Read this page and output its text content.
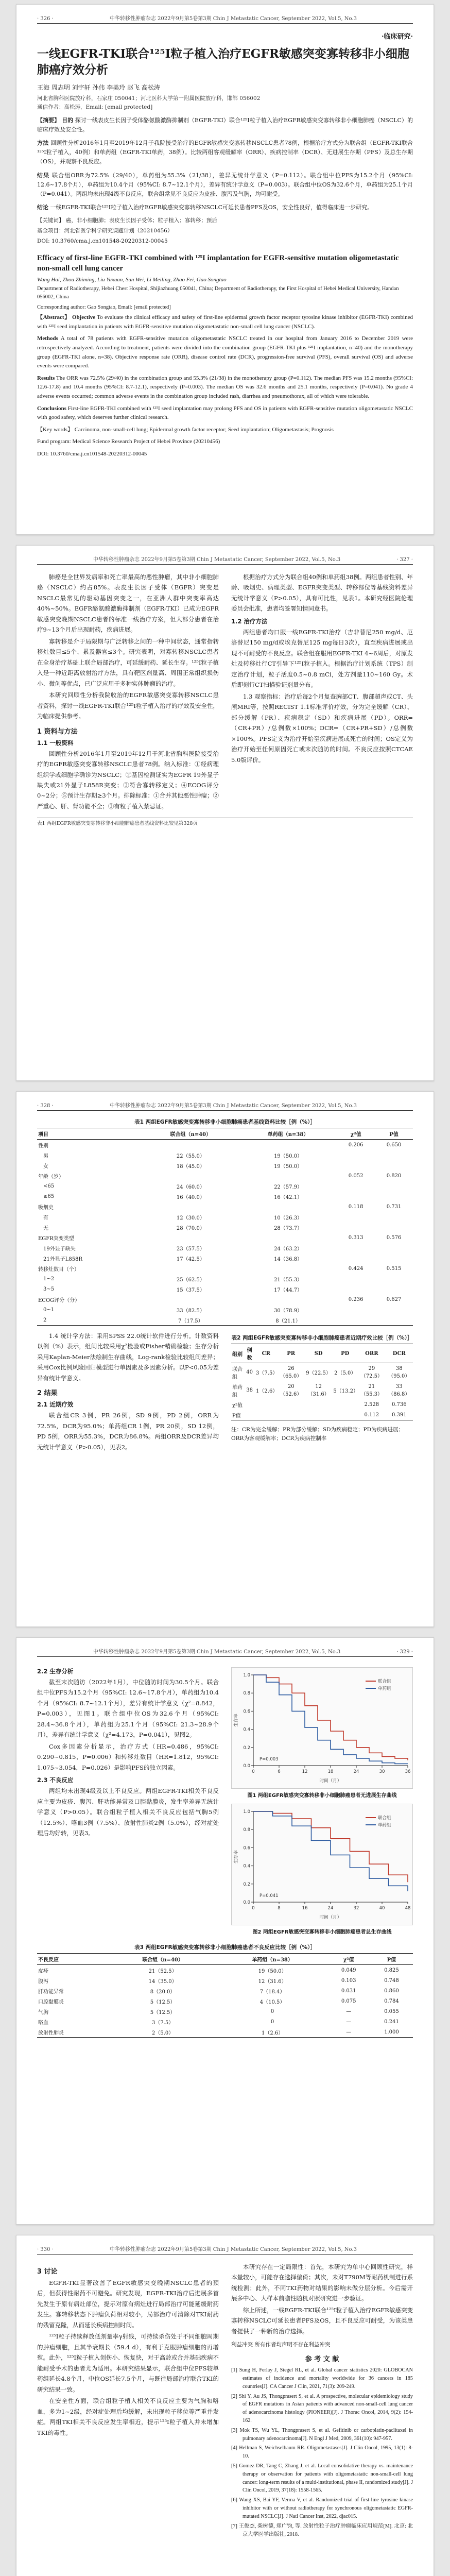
· 326 ·	中华转移性肿瘤杂志 2022年9月第5卷第3期 Chin J Metastatic Cancer, September 2022, Vol.5, No.3
·临床研究·
一线EGFR-TKI联合¹²⁵I粒子植入治疗EGFR敏感突变寡转移非小细胞肺癌疗效分析
王海 周志明 刘宇轩 孙伟 李美玲 赵飞 高松涛
河北省胸科医院放疗科，石家庄 050041；河北医科大学第一附属医院放疗科，邯郸 056002
通信作者：高松涛，Email: [email protected]

【摘要】 目的 探讨一线表皮生长因子受体酪氨酸激酶抑制剂（EGFR-TKI）联合¹²⁵I粒子植入治疗EGFR敏感突变寡转移非小细胞肺癌（NSCLC）的临床疗效及安全性。

方法 回顾性分析2016年1月至2019年12月于我院接受治疗的EGFR敏感突变寡转移NSCLC患者78例，根据治疗方式分为联合组（EGFR-TKI联合¹²⁵I粒子植入，40例）和单药组（EGFR-TKI单药，38例）。比较两组客观缓解率（ORR）、疾病控制率（DCR）、无进展生存期（PFS）及总生存期（OS），并观察不良反应。

结果 联合组ORR为72.5%（29/40），单药组为55.3%（21/38），差异无统计学意义（P=0.112）。联合组中位PFS为15.2个月（95%CI: 12.6~17.8个月），单药组为10.4个月（95%CI: 8.7~12.1个月），差异有统计学意义（P=0.003）。联合组中位OS为32.6个月，单药组为25.1个月（P=0.041）。两组均未出现4级不良反应，联合组常见不良反应为皮疹、腹泻及气胸，均可耐受。

结论 一线EGFR-TKI联合¹²⁵I粒子植入治疗EGFR敏感突变寡转移NSCLC可延长患者PFS及OS，安全性良好，值得临床进一步研究。

【关键词】 癌，非小细胞肺；表皮生长因子受体；粒子植入；寡转移；预后
基金项目：河北省医学科学研究课题计划（20210456）
DOI: 10.3760/cma.j.cn101548-20220312-00045
Efficacy of first-line EGFR-TKI combined with ¹²⁵I implantation for EGFR-sensitive mutation oligometastatic non-small cell lung cancer
Wang Hai, Zhou Zhiming, Liu Yuxuan, Sun Wei, Li Meiling, Zhao Fei, Gao Songtao
Department of Radiotherapy, Hebei Chest Hospital, Shijiazhuang 050041, China; Department of Radiotherapy, the First Hospital of Hebei Medical University, Handan 056002, China
Corresponding author: Gao Songtao, Email: [email protected]

【Abstract】 Objective To evaluate the clinical efficacy and safety of first-line epidermal growth factor receptor tyrosine kinase inhibitor (EGFR-TKI) combined with ¹²⁵I seed implantation in patients with EGFR-sensitive mutation oligometastatic non-small cell lung cancer (NSCLC).

Methods A total of 78 patients with EGFR-sensitive mutation oligometastatic NSCLC treated in our hospital from January 2016 to December 2019 were retrospectively analyzed. According to treatment, patients were divided into the combination group (EGFR-TKI plus ¹²⁵I implantation, n=40) and the monotherapy group (EGFR-TKI alone, n=38). Objective response rate (ORR), disease control rate (DCR), progression-free survival (PFS), overall survival (OS) and adverse events were compared.

Results The ORR was 72.5% (29/40) in the combination group and 55.3% (21/38) in the monotherapy group (P=0.112). The median PFS was 15.2 months (95%CI: 12.6-17.8) and 10.4 months (95%CI: 8.7-12.1), respectively (P=0.003). The median OS was 32.6 months and 25.1 months, respectively (P=0.041). No grade 4 adverse events occurred; common adverse events in the combination group included rash, diarrhea and pneumothorax, all of which were tolerable.

Conclusions First-line EGFR-TKI combined with ¹²⁵I seed implantation may prolong PFS and OS in patients with EGFR-sensitive mutation oligometastatic NSCLC with good safety, which deserves further clinical research.

【Key words】 Carcinoma, non-small-cell lung; Epidermal growth factor receptor; Seed implantation; Oligometastasis; Prognosis
Fund program: Medical Science Research Project of Hebei Province (20210456)
DOI: 10.3760/cma.j.cn101548-20220312-00045
中华转移性肿瘤杂志 2022年9月第5卷第3期 Chin J Metastatic Cancer, September 2022, Vol.5, No.3	· 327 ·

肺癌是全世界发病率和死亡率最高的恶性肿瘤，其中非小细胞肺癌（NSCLC）约占85%。表皮生长因子受体（EGFR）突变是NSCLC最常见的驱动基因突变之一，在亚洲人群中突变率高达40%~50%。EGFR酪氨酸激酶抑制剂（EGFR-TKI）已成为EGFR敏感突变晚期NSCLC患者的标准一线治疗方案，但大部分患者在治疗9~13个月后出现耐药，疾病进展。

寡转移是介于局限期与广泛转移之间的一种中间状态，通常指转移灶数目≤5个、累及器官≤3个。研究表明，对寡转移NSCLC患者在全身治疗基础上联合局部治疗，可延缓耐药、延长生存。¹²⁵I粒子植入是一种近距离放射治疗方法，具有靶区剂量高、周围正常组织损伤小、微创等优点，已广泛应用于多种实体肿瘤的治疗。

本研究回顾性分析我院收治的EGFR敏感突变寡转移NSCLC患者资料，探讨一线EGFR-TKI联合¹²⁵I粒子植入治疗的疗效及安全性，为临床提供参考。

1 资料与方法
1.1 一般资料

回顾性分析2016年1月至2019年12月于河北省胸科医院接受治疗的EGFR敏感突变寡转移NSCLC患者78例。纳入标准：①经病理组织学或细胞学确诊为NSCLC；②基因检测证实为EGFR 19外显子缺失或21外显子L858R突变；③符合寡转移定义；④ECOG评分0~2分；⑤预计生存期≥3个月。排除标准：①合并其他恶性肿瘤；②严重心、肝、肾功能不全；③有粒子植入禁忌证。

根据治疗方式分为联合组40例和单药组38例。两组患者性别、年龄、吸烟史、病理类型、EGFR突变类型、转移部位等基线资料差异无统计学意义（P>0.05），具有可比性，见表1。本研究经医院伦理委员会批准，患者均签署知情同意书。

1.2 治疗方法

两组患者均口服一线EGFR-TKI治疗（吉非替尼250 mg/d、厄洛替尼150 mg/d或埃克替尼125 mg每日3次），直至疾病进展或出现不可耐受的不良反应。联合组在服用EGFR-TKI 4~6周后，对原发灶及转移灶行CT引导下¹²⁵I粒子植入。根据治疗计划系统（TPS）制定治疗计划，粒子活度0.5~0.8 mCi，处方剂量110~160 Gy。术后即刻行CT扫描验证剂量分布。

1.3 观察指标：治疗后每2个月复查胸部CT、腹部超声或CT、头颅MRI等，按照RECIST 1.1标准评价疗效，分为完全缓解（CR）、部分缓解（PR）、疾病稳定（SD）和疾病进展（PD）。ORR=（CR+PR）/总例数×100%；DCR=（CR+PR+SD）/总例数×100%。PFS定义为治疗开始至疾病进展或死亡的时间；OS定义为治疗开始至任何原因死亡或末次随访的时间。不良反应按照CTCAE 5.0版评价。

表1 两组EGFR敏感突变寡转移非小细胞肺癌患者基线资料比较见第328页
· 328 ·	中华转移性肿瘤杂志 2022年9月第5卷第3期 Chin J Metastatic Cancer, September 2022, Vol.5, No.3
表1 两组EGFR敏感突变寡转移非小细胞肺癌患者基线资料比较［例（%）］
项目	联合组（n=40）	单药组（n=38）	χ²值	P值
性别			0.206	0.650
男	22（55.0）	19（50.0）		
女	18（45.0）	19（50.0）		
年龄（岁）			0.052	0.820
<65	24（60.0）	22（57.9）		
≥65	16（40.0）	16（42.1）		
吸烟史			0.118	0.731
有	12（30.0）	10（26.3）		
无	28（70.0）	28（73.7）		
EGFR突变类型			0.313	0.576
19外显子缺失	23（57.5）	24（63.2）		
21外显子L858R	17（42.5）	14（36.8）		
转移灶数目（个）			0.424	0.515
1~2	25（62.5）	21（55.3）		
3~5	15（37.5）	17（44.7）		
ECOG评分（分）			0.236	0.627
0~1	33（82.5）	30（78.9）		
2	7（17.5）	8（21.1）		

1.4 统计学方法：采用SPSS 22.0统计软件进行分析。计数资料以例（%）表示，组间比较采用χ²检验或Fisher精确检验；生存分析采用Kaplan-Meier法绘制生存曲线，Log-rank检验比较组间差异；采用Cox比例风险回归模型进行单因素及多因素分析。以P<0.05为差异有统计学意义。

2 结果
2.1 近期疗效

联合组CR 3例，PR 26例，SD 9例，PD 2例，ORR为72.5%，DCR为95.0%；单药组CR 1例，PR 20例，SD 12例，PD 5例，ORR为55.3%，DCR为86.8%。两组ORR及DCR差异均无统计学意义（P>0.05），见表2。

表2 两组EGFR敏感突变寡转移非小细胞肺癌患者近期疗效比较［例（%）］
组别	例数	CR	PR	SD	PD	ORR	DCR
联合组	40	3（7.5）	26（65.0）	9（22.5）	2（5.0）	29（72.5）	38（95.0）
单药组	38	1（2.6）	20（52.6）	12（31.6）	5（13.2）	21（55.3）	33（86.8）
χ²值						2.528	0.736
P值						0.112	0.391
注：CR为完全缓解；PR为部分缓解；SD为疾病稳定；PD为疾病进展；ORR为客观缓解率；DCR为疾病控制率
中华转移性肿瘤杂志 2022年9月第5卷第3期 Chin J Metastatic Cancer, September 2022, Vol.5, No.3	· 329 ·
2.2 生存分析

截至末次随访（2022年1月），中位随访时间为30.5个月。联合组中位PFS为15.2个月（95%CI: 12.6~17.8个月），单药组为10.4个月（95%CI: 8.7~12.1个月），差异有统计学意义（χ²=8.842，P=0.003），见图1。联合组中位OS为32.6个月（95%CI: 28.4~36.8个月），单药组为25.1个月（95%CI: 21.3~28.9个月），差异有统计学意义（χ²=4.173，P=0.041），见图2。

Cox多因素分析显示，治疗方式（HR=0.486，95%CI: 0.290~0.815，P=0.006）和转移灶数目（HR=1.812，95%CI: 1.075~3.054，P=0.026）是影响PFS的独立因素。

2.3 不良反应

两组均未出现4级及以上不良反应。两组EGFR-TKI相关不良反应主要为皮疹、腹泻、肝功能异常及口腔黏膜炎，发生率差异无统计学意义（P>0.05）。联合组粒子植入相关不良反应包括气胸5例（12.5%）、咯血3例（7.5%）、放射性肺炎2例（5.0%），经对症处理后均好转，见表3。

0	6	12	18	24	30	36
0.0
0.2
0.4
0.6
0.8
1.0
时间（月）
生存率
联合组
单药组
P=0.003
图1 两组EGFR敏感突变寡转移非小细胞肺癌患者无进展生存曲线
0	8	16	24	32	40	48
0.0
0.2
0.4
0.6
0.8
1.0
时间（月）
生存率
联合组
单药组
P=0.041
图2 两组EGFR敏感突变寡转移非小细胞肺癌患者总生存曲线
表3 两组EGFR敏感突变寡转移非小细胞肺癌患者不良反应比较［例（%）］
不良反应	联合组（n=40）	单药组（n=38）	χ²值	P值
皮疹	21（52.5）	19（50.0）	0.049	0.825
腹泻	14（35.0）	12（31.6）	0.103	0.748
肝功能异常	8（20.0）	7（18.4）	0.031	0.860
口腔黏膜炎	5（12.5）	4（10.5）	0.075	0.784
气胸	5（12.5）	0	—	0.055
咯血	3（7.5）	0	—	0.241
放射性肺炎	2（5.0）	1（2.6）	—	1.000
· 330 ·	中华转移性肿瘤杂志 2022年9月第5卷第3期 Chin J Metastatic Cancer, September 2022, Vol.5, No.3
3 讨论

EGFR-TKI显著改善了EGFR敏感突变晚期NSCLC患者的预后，但获得性耐药不可避免。研究发现，EGFR-TKI治疗后进展多首先发生于原有病灶部位，提示对原有病灶进行局部治疗可能延缓耐药发生。寡转移状态下肿瘤负荷相对较小，局部治疗可清除对TKI耐药的残留克隆，从而延长疾病控制时间。

¹²⁵I粒子持续释放低剂量率γ射线，可持续杀伤处于不同细胞周期的肿瘤细胞，且其半衰期长（59.4 d），有利于克服肿瘤细胞的再增殖。此外，¹²⁵I粒子植入创伤小、恢复快，对于高龄或合并基础疾病不能耐受手术的患者尤为适用。本研究结果显示，联合组中位PFS较单药组延长4.8个月，中位OS延长7.5个月，与既往局部治疗联合TKI的研究结果一致。

在安全性方面，联合组粒子植入相关不良反应主要为气胸和咯血，多为1~2级，经对症处理后均缓解，未出现粒子移位等严重并发症。两组TKI相关不良反应发生率相近，提示¹²⁵I粒子植入并未增加TKI的毒性。

本研究存在一定局限性：首先，本研究为单中心回顾性研究，样本量较小，可能存在选择偏倚；其次，未对T790M等耐药机制进行系统检测；此外，不同TKI药物对结果的影响未做分层分析。今后需开展多中心、大样本前瞻性随机对照研究进一步验证。

综上所述，一线EGFR-TKI联合¹²⁵I粒子植入治疗EGFR敏感突变寡转移NSCLC可延长患者PFS及OS，且不良反应可耐受，为该类患者提供了一种新的治疗选择。

利益冲突 所有作者均声明不存在利益冲突
参 考 文 献

[1] Sung H, Ferlay J, Siegel RL, et al. Global cancer statistics 2020: GLOBOCAN estimates of incidence and mortality worldwide for 36 cancers in 185 countries[J]. CA Cancer J Clin, 2021, 71(3): 209-249.

[2] Shi Y, Au JS, Thongprasert S, et al. A prospective, molecular epidemiology study of EGFR mutations in Asian patients with advanced non-small-cell lung cancer of adenocarcinoma histology (PIONEER)[J]. J Thorac Oncol, 2014, 9(2): 154-162.

[3] Mok TS, Wu YL, Thongprasert S, et al. Gefitinib or carboplatin-paclitaxel in pulmonary adenocarcinoma[J]. N Engl J Med, 2009, 361(10): 947-957.

[4] Hellman S, Weichselbaum RR. Oligometastases[J]. J Clin Oncol, 1995, 13(1): 8-10.

[5] Gomez DR, Tang C, Zhang J, et al. Local consolidative therapy vs. maintenance therapy or observation for patients with oligometastatic non-small-cell lung cancer: long-term results of a multi-institutional, phase II, randomized study[J]. J Clin Oncol, 2019, 37(18): 1558-1565.

[6] Wang XS, Bai YF, Verma V, et al. Randomized trial of first-line tyrosine kinase inhibitor with or without radiotherapy for synchronous oligometastatic EGFR-mutated NSCLC[J]. J Natl Cancer Inst, 2022, djac015.

[7] 王俊杰, 柴树德, 郑广钧, 等. 放射性粒子治疗肿瘤临床应用规范[M]. 北京: 北京大学医学出版社, 2018.
